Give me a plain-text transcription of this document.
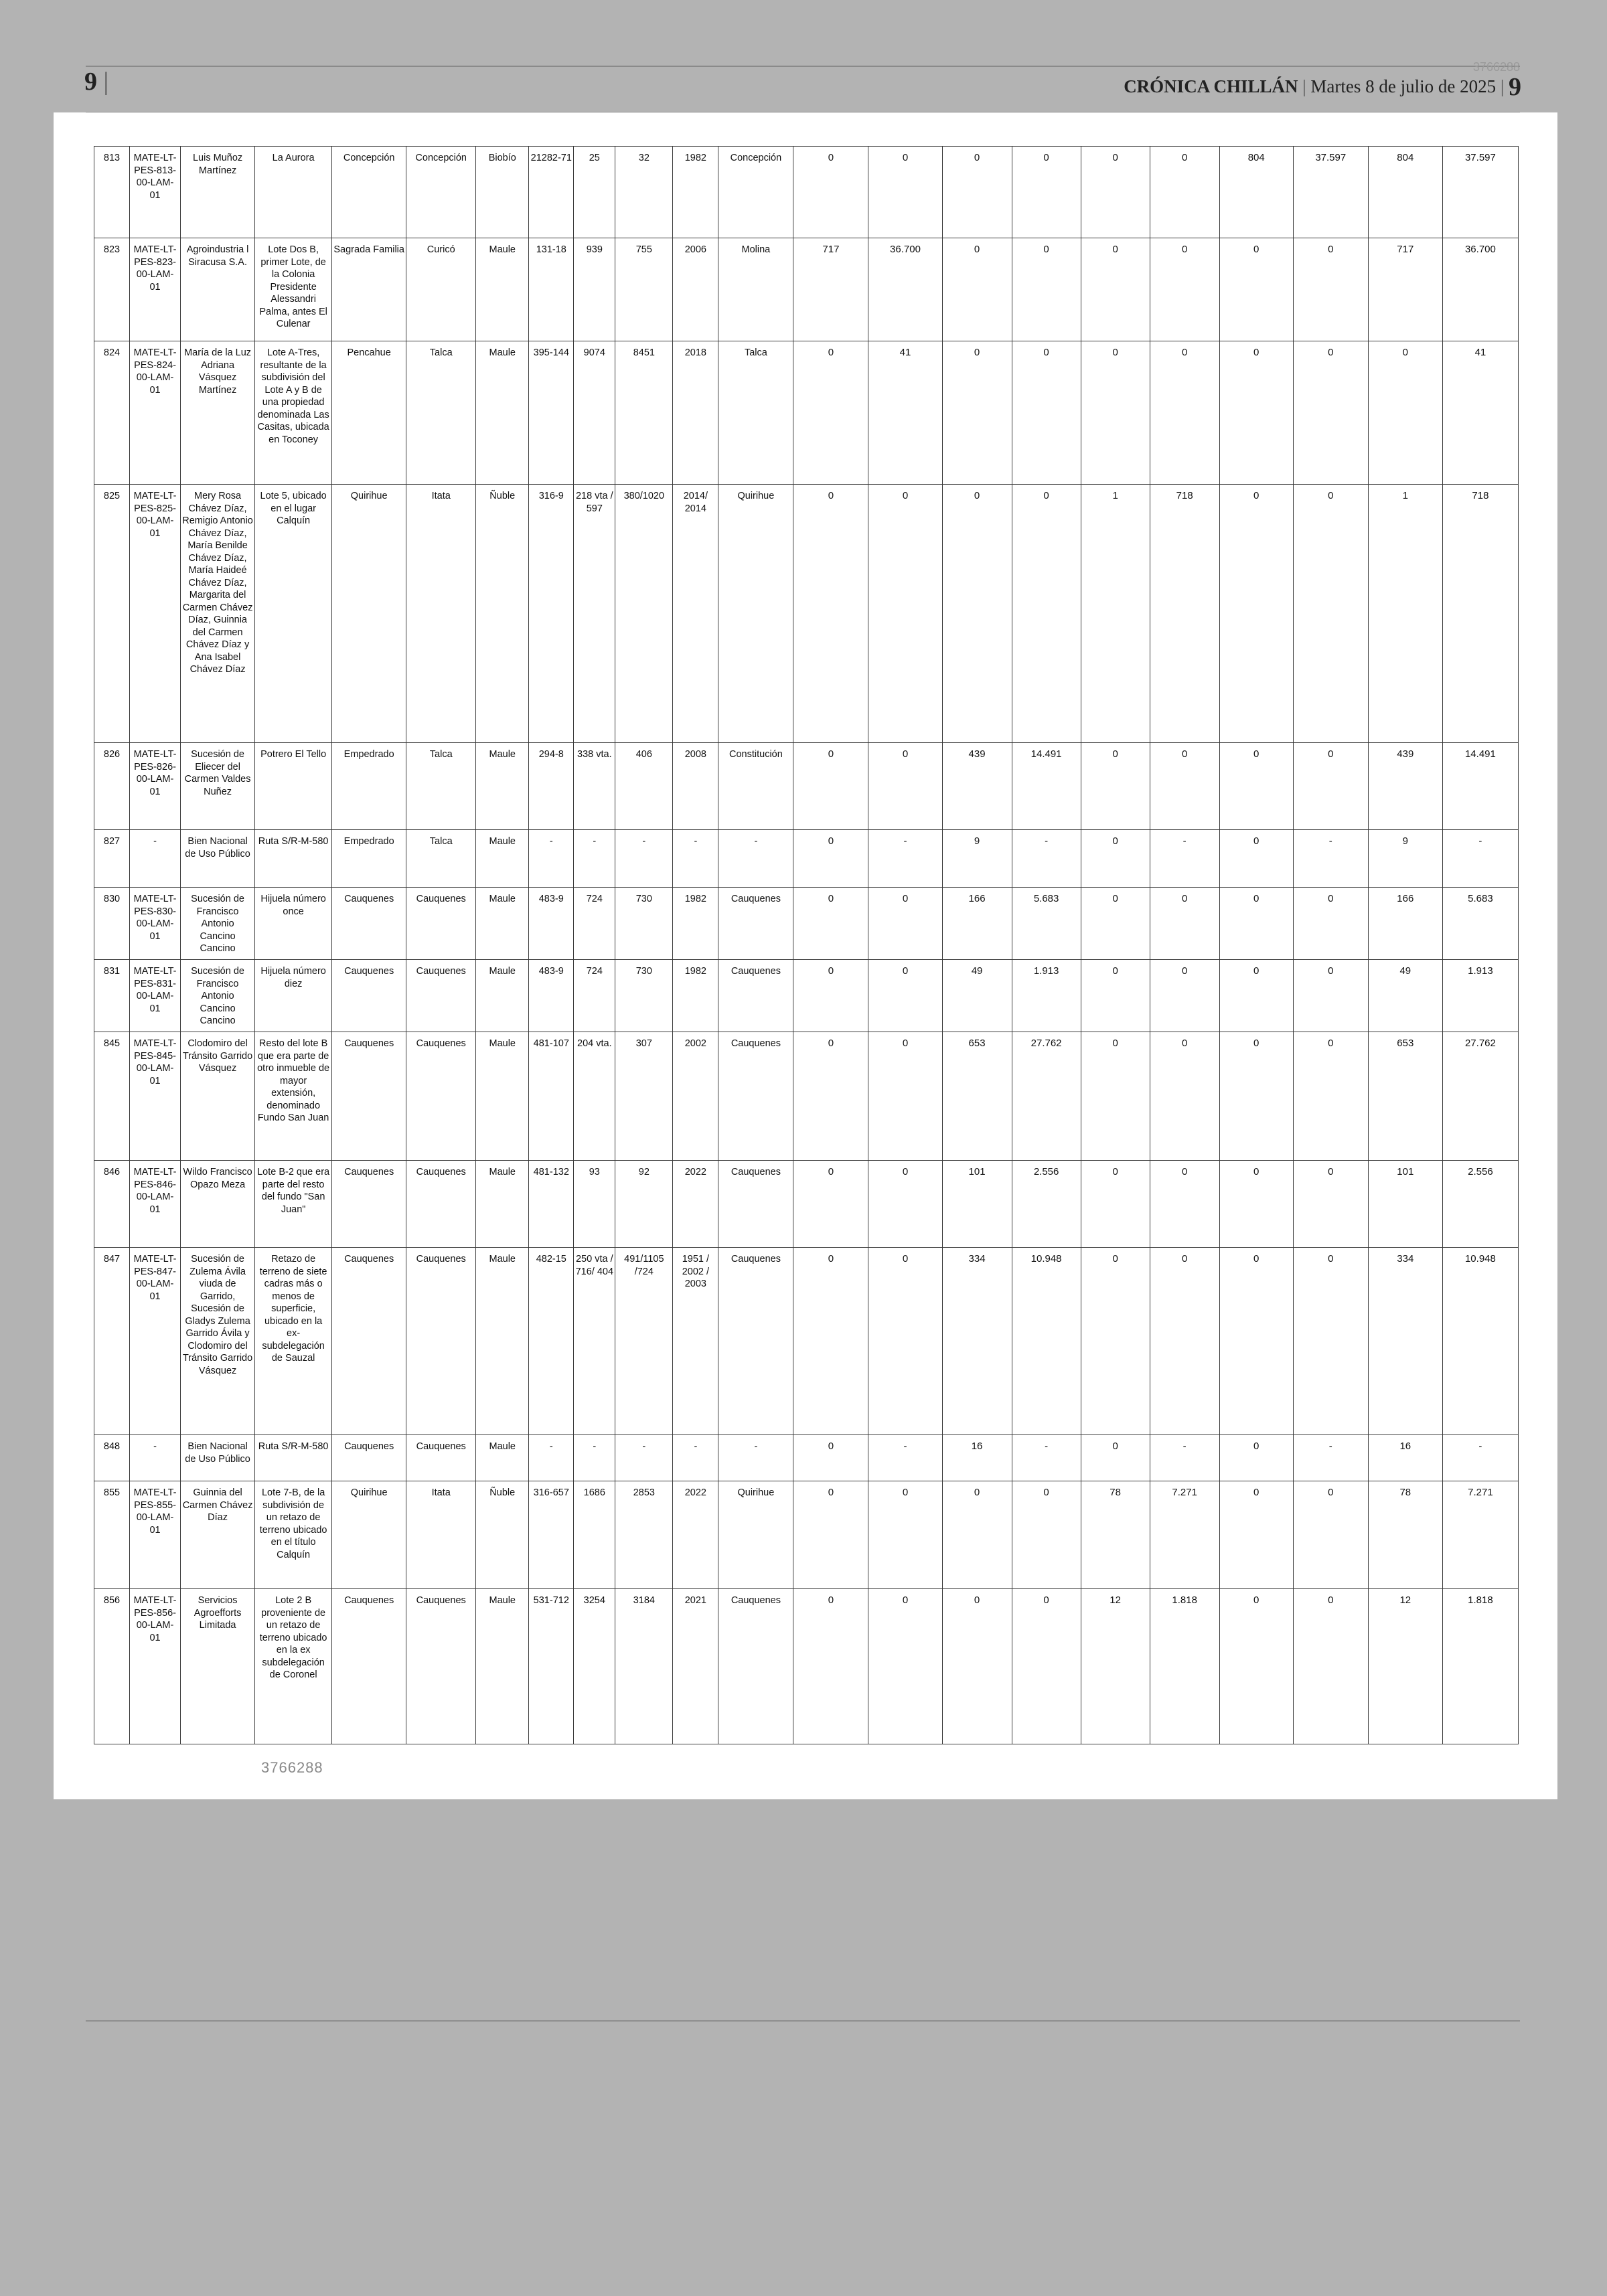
9 |
3766288
CRÓNICA CHILLÁN | Martes 8 de julio de 2025 | 9
813	MATE-LT-PES-813-00-LAM-01	Luis Muñoz Martínez	La Aurora	Concepción	Concepción	Biobío	21282-71	25	32	1982	Concepción	0	0	0	0	0	0	804	37.597	804	37.597
823	MATE-LT-PES-823-00-LAM-01	Agroindustria l Siracusa S.A.	Lote Dos B, primer Lote, de la Colonia Presidente Alessandri Palma, antes El Culenar	Sagrada Familia	Curicó	Maule	131-18	939	755	2006	Molina	717	36.700	0	0	0	0	0	0	717	36.700
824	MATE-LT-PES-824-00-LAM-01	María de la Luz Adriana Vásquez Martínez	Lote A-Tres, resultante de la subdivisión del Lote A y B de una propiedad denominada Las Casitas, ubicada en Toconey	Pencahue	Talca	Maule	395-144	9074	8451	2018	Talca	0	41	0	0	0	0	0	0	0	41
825	MATE-LT-PES-825-00-LAM-01	Mery Rosa Chávez Díaz, Remigio Antonio Chávez Díaz, María Benilde Chávez Díaz, María Haideé Chávez Díaz, Margarita del Carmen Chávez Díaz, Guinnia del Carmen Chávez Díaz y Ana Isabel Chávez Díaz	Lote 5, ubicado en el lugar Calquín	Quirihue	Itata	Ñuble	316-9	218 vta / 597	380/1020	2014/ 2014	Quirihue	0	0	0	0	1	718	0	0	1	718
826	MATE-LT-PES-826-00-LAM-01	Sucesión de Eliecer del Carmen Valdes Nuñez	Potrero El Tello	Empedrado	Talca	Maule	294-8	338 vta.	406	2008	Constitución	0	0	439	14.491	0	0	0	0	439	14.491
827	-	Bien Nacional de Uso Público	Ruta S/R-M-580	Empedrado	Talca	Maule	-	-	-	-	-	0	-	9	-	0	-	0	-	9	-
830	MATE-LT-PES-830-00-LAM-01	Sucesión de Francisco Antonio Cancino Cancino	Hijuela número once	Cauquenes	Cauquenes	Maule	483-9	724	730	1982	Cauquenes	0	0	166	5.683	0	0	0	0	166	5.683
831	MATE-LT-PES-831-00-LAM-01	Sucesión de Francisco Antonio Cancino Cancino	Hijuela número diez	Cauquenes	Cauquenes	Maule	483-9	724	730	1982	Cauquenes	0	0	49	1.913	0	0	0	0	49	1.913
845	MATE-LT-PES-845-00-LAM-01	Clodomiro del Tránsito Garrido Vásquez	Resto del lote B que era parte de otro inmueble de mayor extensión, denominado Fundo San Juan	Cauquenes	Cauquenes	Maule	481-107	204 vta.	307	2002	Cauquenes	0	0	653	27.762	0	0	0	0	653	27.762
846	MATE-LT-PES-846-00-LAM-01	Wildo Francisco Opazo Meza	Lote B-2 que era parte del resto del fundo "San Juan"	Cauquenes	Cauquenes	Maule	481-132	93	92	2022	Cauquenes	0	0	101	2.556	0	0	0	0	101	2.556
847	MATE-LT-PES-847-00-LAM-01	Sucesión de Zulema Ávila viuda de Garrido, Sucesión de Gladys Zulema Garrido Ávila y Clodomiro del Tránsito Garrido Vásquez	Retazo de terreno de siete cadras más o menos de superficie, ubicado en la ex-subdelegación de Sauzal	Cauquenes	Cauquenes	Maule	482-15	250 vta / 716/ 404	491/1105 /724	1951 / 2002 / 2003	Cauquenes	0	0	334	10.948	0	0	0	0	334	10.948
848	-	Bien Nacional de Uso Público	Ruta S/R-M-580	Cauquenes	Cauquenes	Maule	-	-	-	-	-	0	-	16	-	0	-	0	-	16	-
855	MATE-LT-PES-855-00-LAM-01	Guinnia del Carmen Chávez Díaz	Lote 7-B, de la subdivisión de un retazo de terreno ubicado en el título Calquín	Quirihue	Itata	Ñuble	316-657	1686	2853	2022	Quirihue	0	0	0	0	78	7.271	0	0	78	7.271
856	MATE-LT-PES-856-00-LAM-01	Servicios Agroefforts Limitada	Lote 2 B proveniente de un retazo de terreno ubicado en la ex subdelegación de Coronel	Cauquenes	Cauquenes	Maule	531-712	3254	3184	2021	Cauquenes	0	0	0	0	12	1.818	0	0	12	1.818
3766288
